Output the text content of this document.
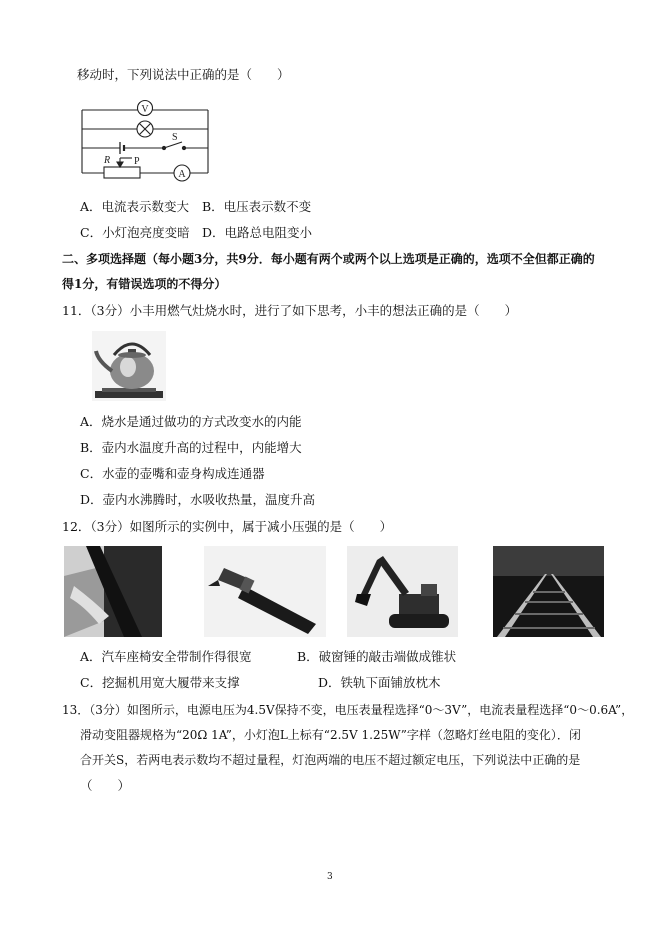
移动时，下列说法中正确的是（　　）
V
A
S
R P
A．电流表示数变大 B．电压表示数不变
C．小灯泡亮度变暗 D．电路总电阻变小
二、多项选择题（每小题3分，共9分．每小题有两个或两个以上选项是正确的，选项不全但都正确的
得1分，有错误选项的不得分）
11．（3分）小丰用燃气灶烧水时，进行了如下思考，小丰的想法正确的是（　　）
A．烧水是通过做功的方式改变水的内能
B．壶内水温度升高的过程中，内能增大
C．水壶的壶嘴和壶身构成连通器
D．壶内水沸腾时，水吸收热量，温度升高
12．（3分）如图所示的实例中，属于减小压强的是（　　）
A．汽车座椅安全带制作得很宽	B．破窗锤的敲击端做成锥状
C．挖掘机用宽大履带来支撑	D．铁轨下面铺放枕木
13．（3分）如图所示，电源电压为4.5V保持不变，电压表量程选择“0～3V”，电流表量程选择“0～0.6A”，
滑动变阻器规格为“20Ω 1A”，小灯泡L上标有“2.5V 1.25W”字样（忽略灯丝电阻的变化）．闭
合开关S，若两电表示数均不超过量程，灯泡两端的电压不超过额定电压，下列说法中正确的是
（　　）
3
